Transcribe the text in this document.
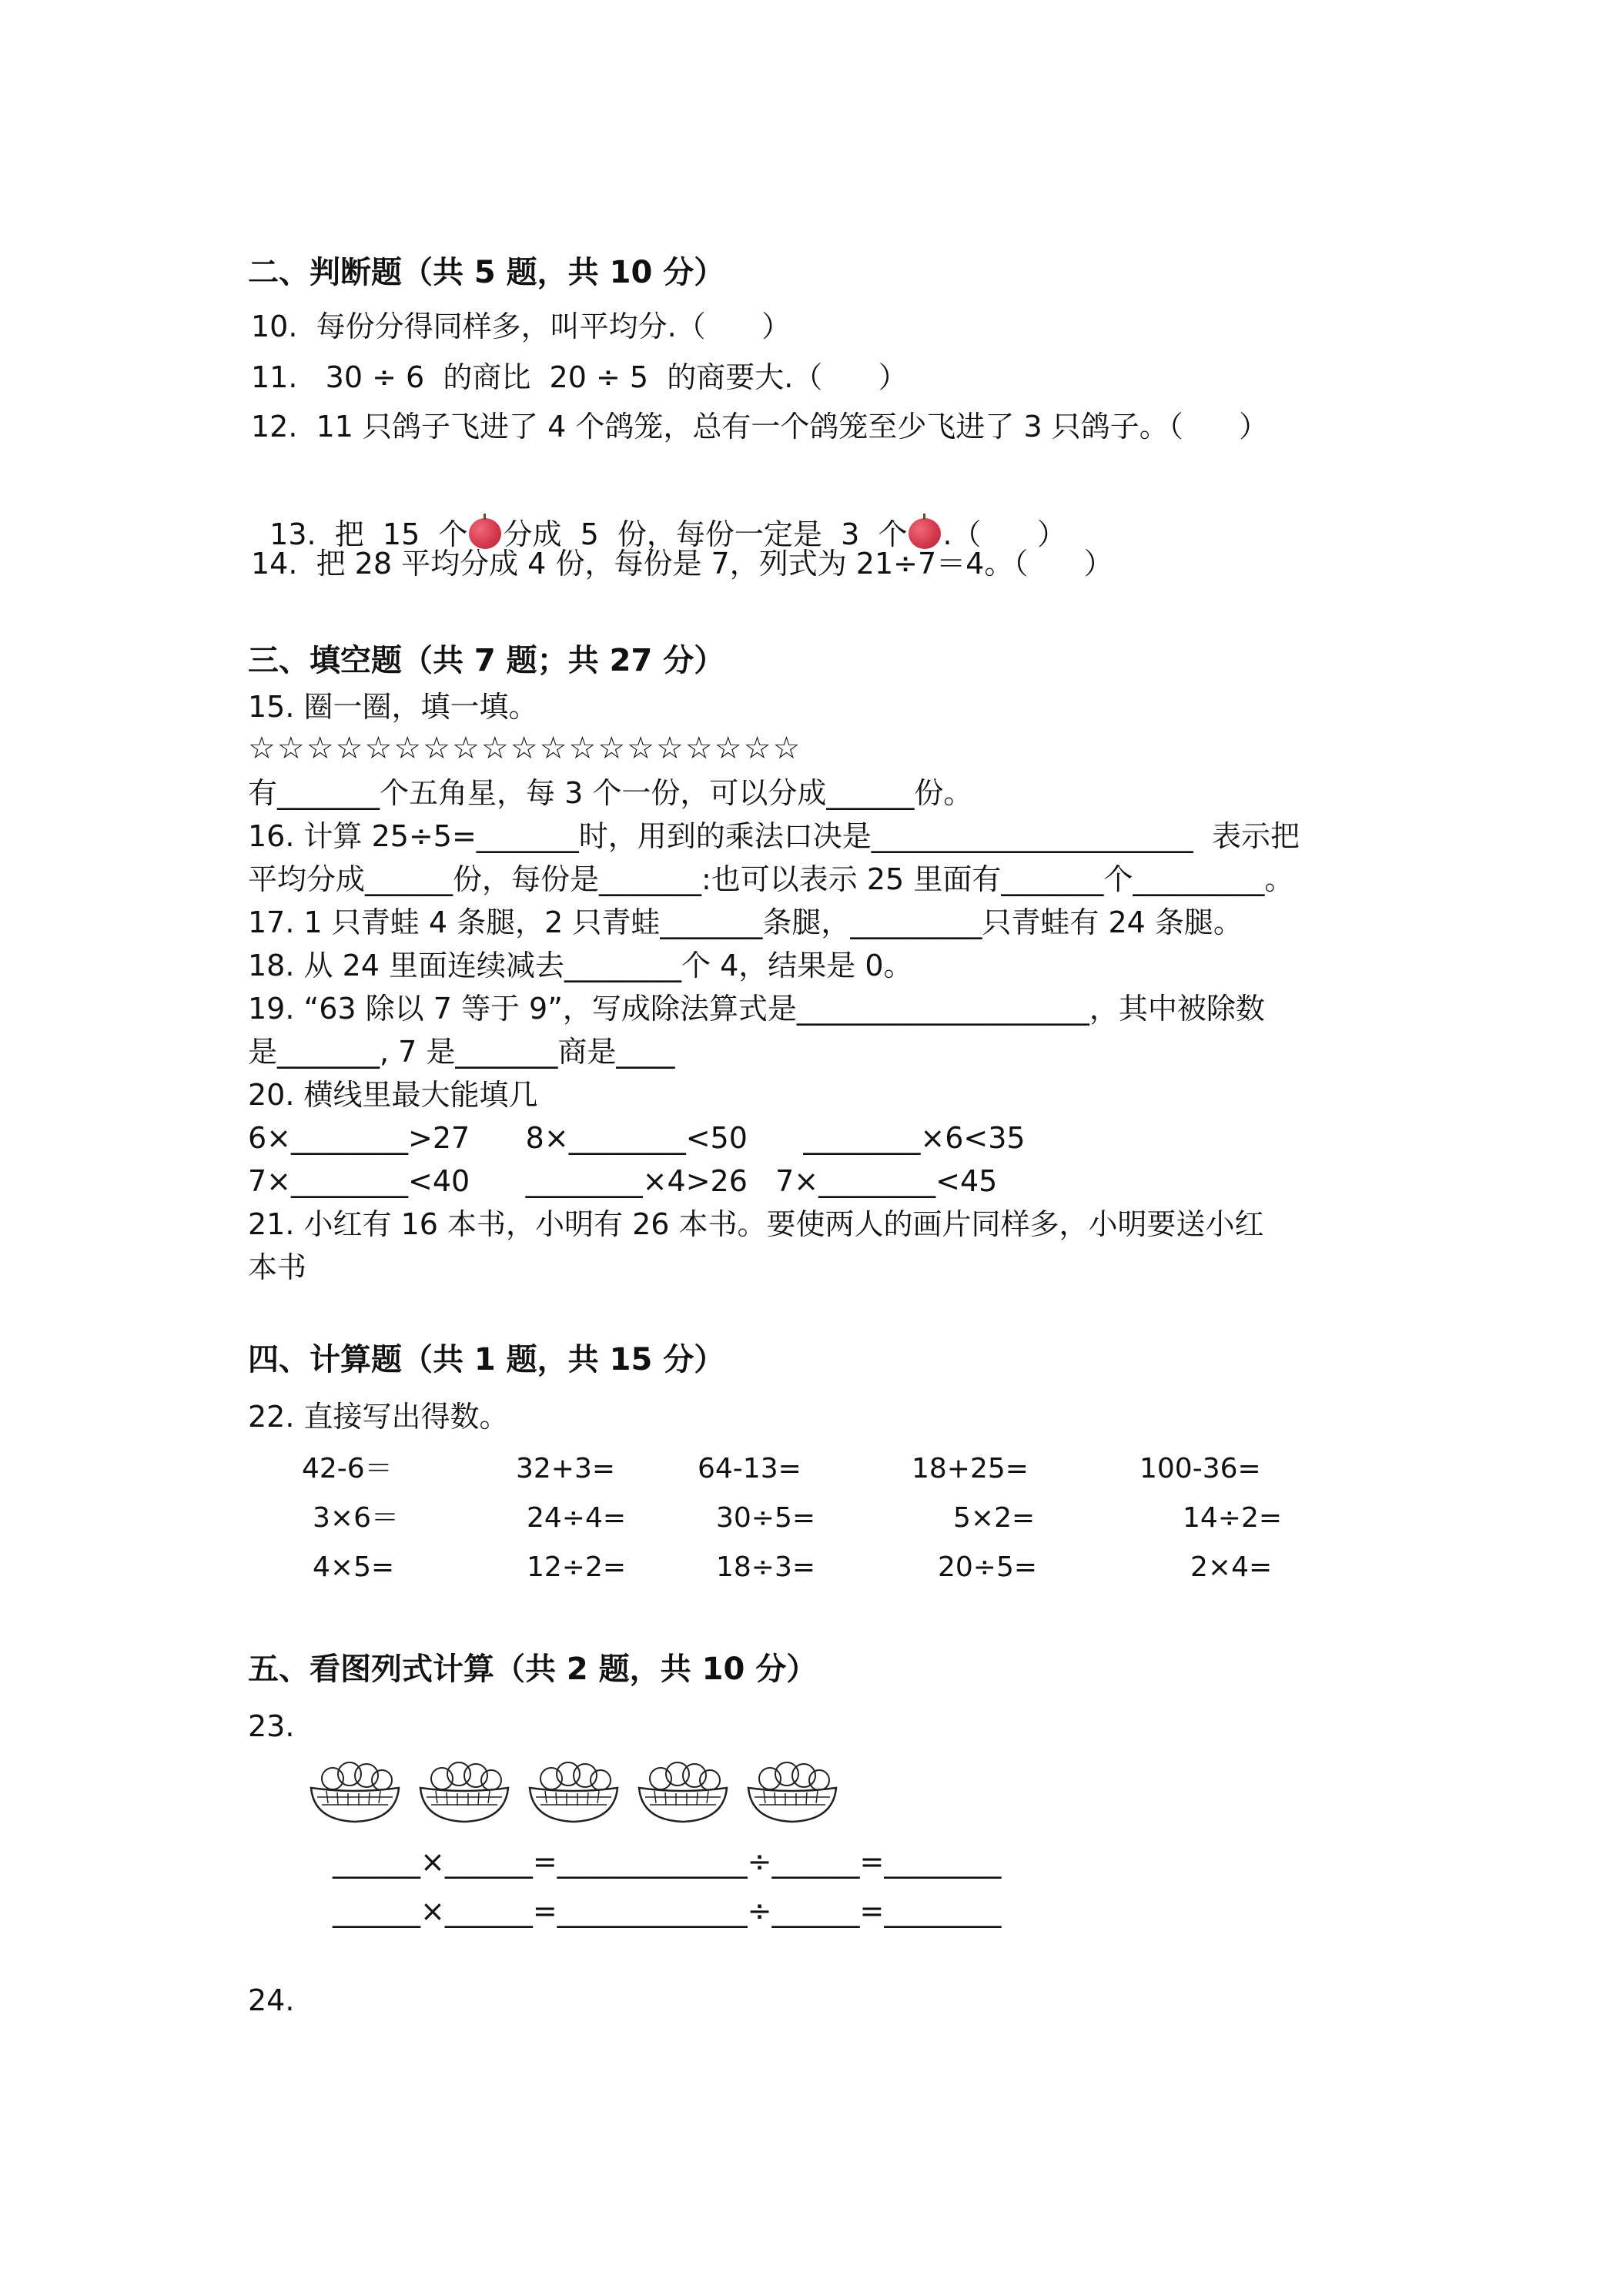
二、判断题（共 5 题，共 10 分）
10.  每份分得同样多，叫平均分.（      ）
11.   30 ÷ 6  的商比  20 ÷ 5  的商要大.（      ）
12.  11 只鸽子飞进了 4 个鸽笼，总有一个鸽笼至少飞进了 3 只鸽子。（      ）

13.  把  15  个 分成  5  份，每份一定是  3  个 .（      ）

14.  把 28 平均分成 4 份，每份是 7，列式为 21÷7＝4。（      ）
三、填空题（共 7 题；共 27 分）
15. 圈一圈，填一填。
☆☆☆☆☆☆☆☆☆☆☆☆☆☆☆☆☆☆☆
有_______个五角星，每 3 个一份，可以分成______份。
16. 计算 25÷5=_______时，用到的乘法口决是______________________  表示把
平均分成______份，每份是_______:也可以表示 25 里面有_______个_________。
17. 1 只青蛙 4 条腿，2 只青蛙_______条腿，_________只青蛙有 24 条腿。
18. 从 24 里面连续减去________个 4，结果是 0。
19. “63 除以 7 等于 9”，写成除法算式是____________________，其中被除数
是_______, 7 是_______商是____
20. 横线里最大能填几
6×________>27      8×________<50      ________×6<35
7×________<40      ________×4>26   7×________<45
21. 小红有 16 本书，小明有 26 本书。要使两人的画片同样多，小明要送小红
本书
四、计算题（共 1 题，共 15 分）
22. 直接写出得数。
42-6＝	32+3=	64-13=	18+25=	100-36=
3×6＝	24÷4=	30÷5=	5×2=	14÷2=
4×5=	12÷2=	18÷3=	20÷5=	2×4=
五、看图列式计算（共 2 题，共 10 分）
23.
______×______=_____________÷______=________
______×______=_____________÷______=________
24.
